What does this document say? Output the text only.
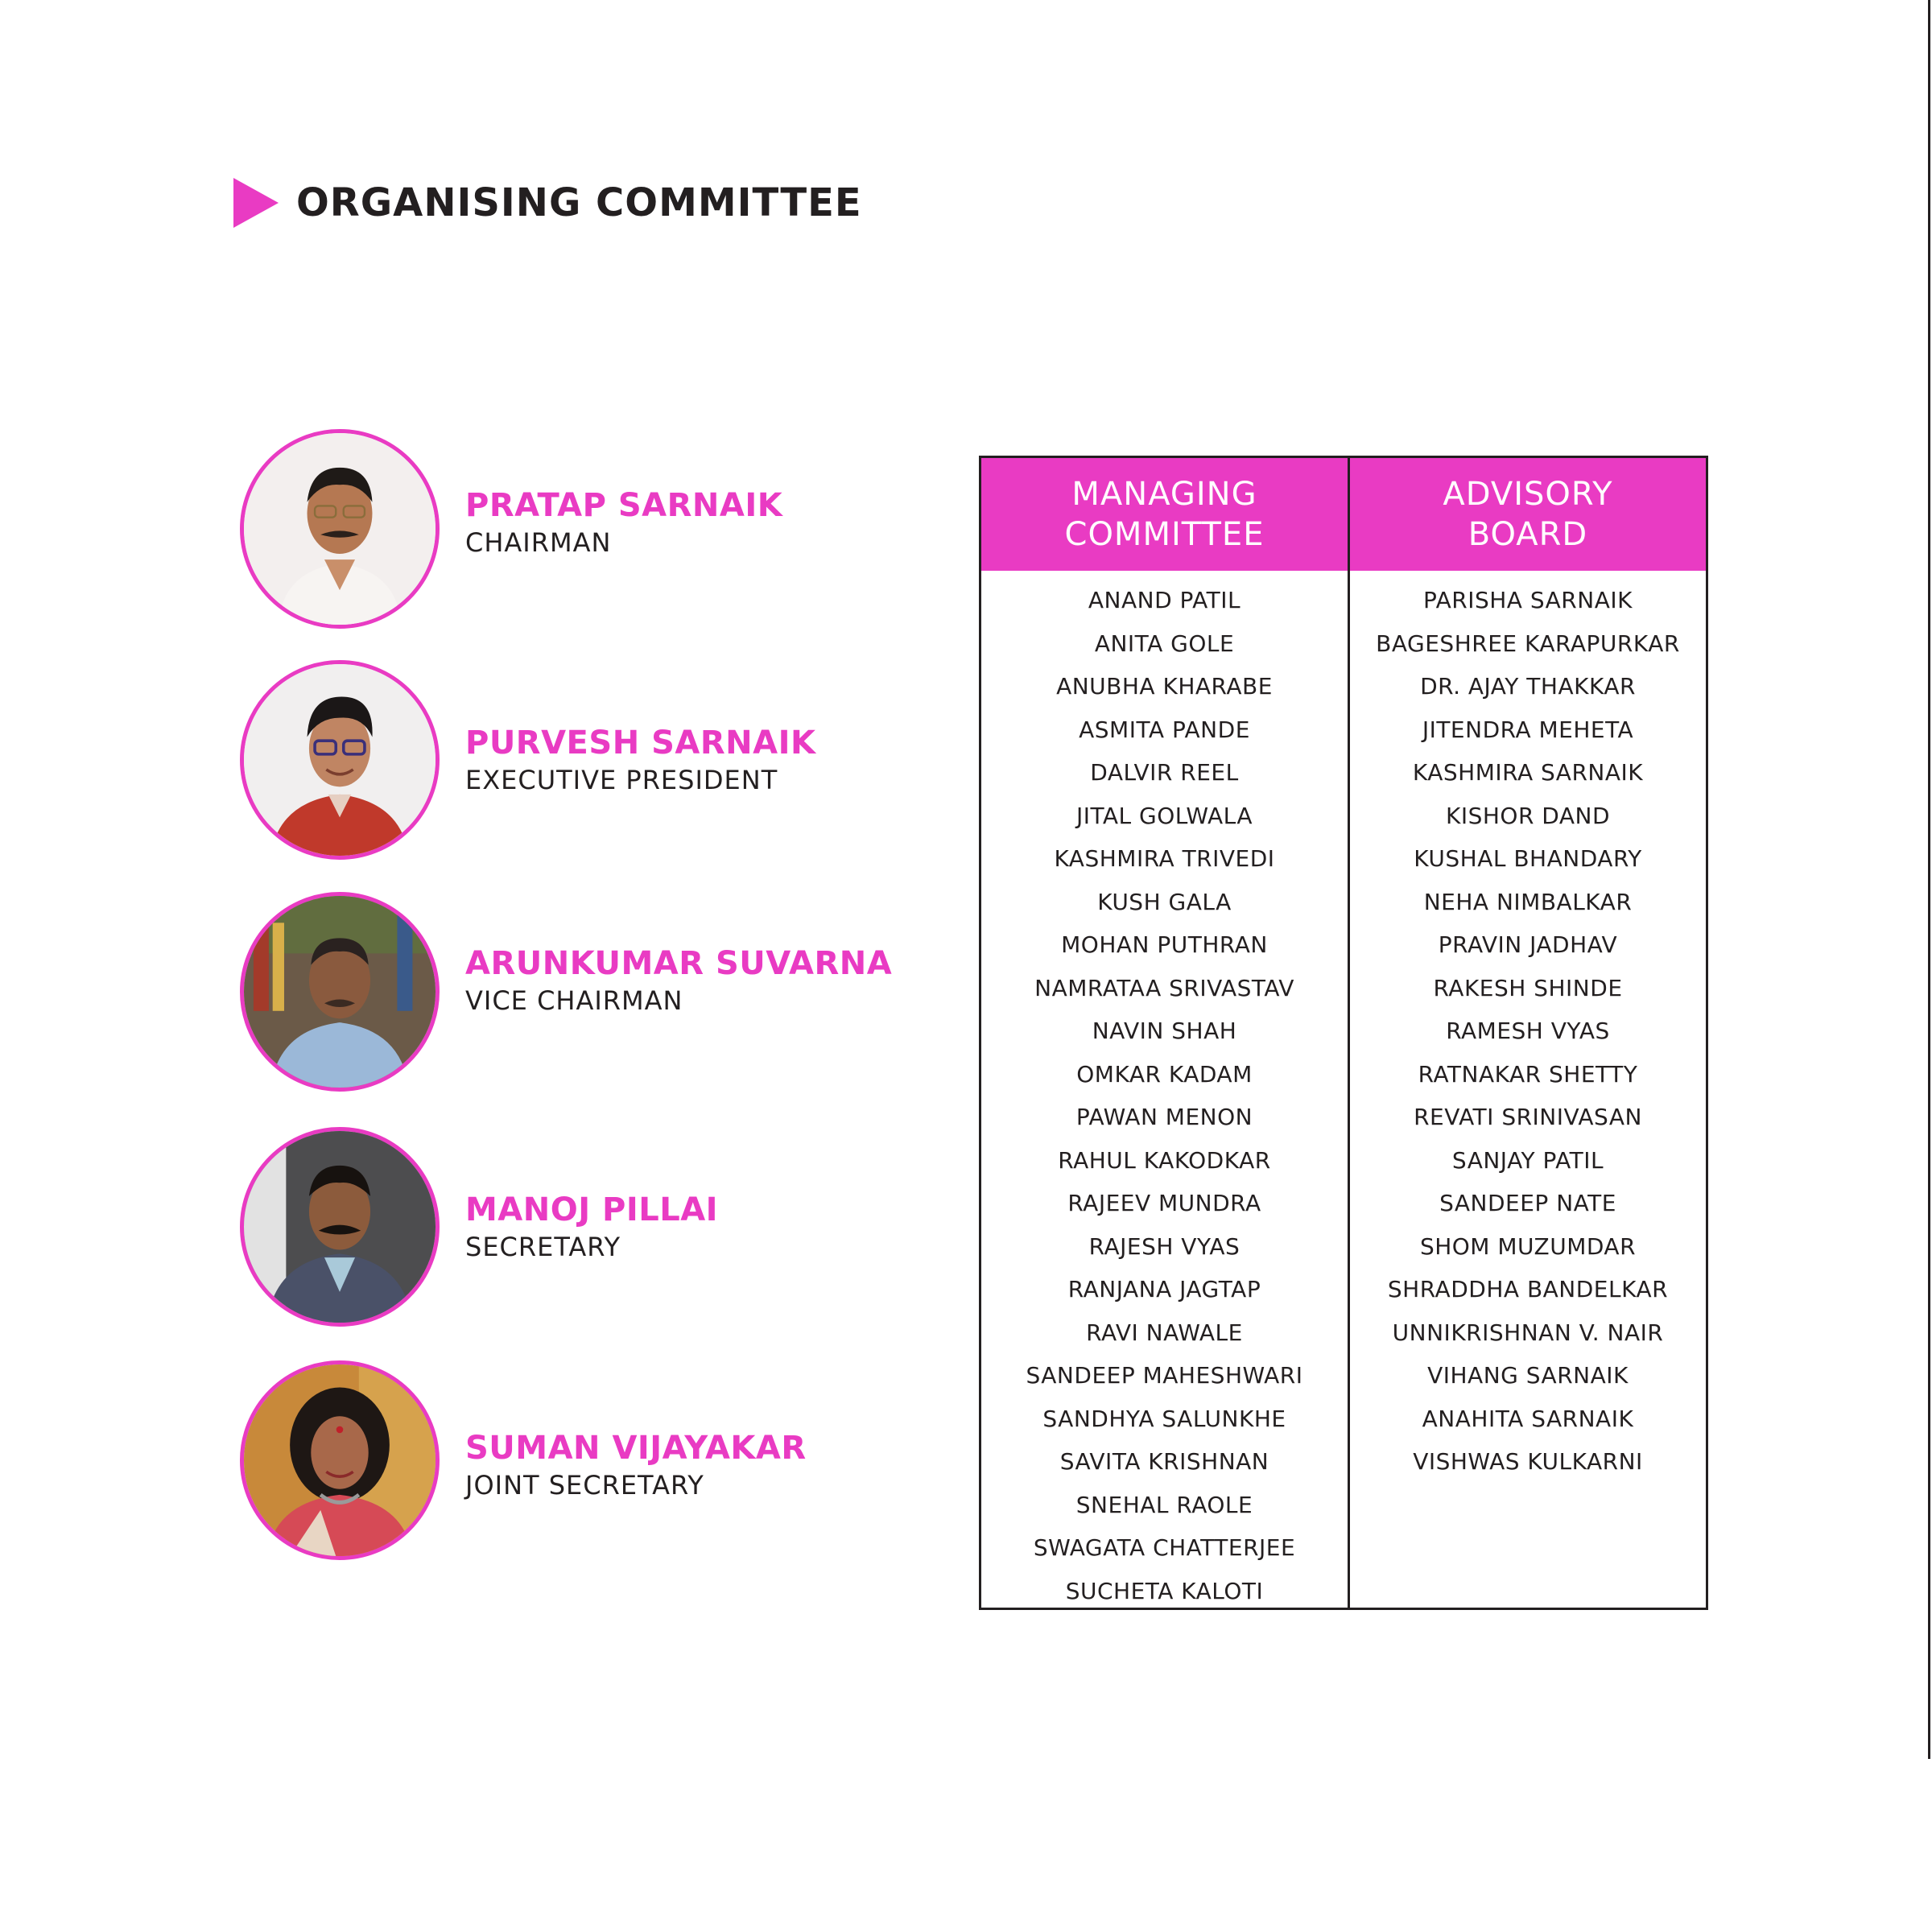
ORGANISING COMMITTEE
PRATAP SARNAIK
CHAIRMAN
PURVESH SARNAIK
EXECUTIVE PRESIDENT
ARUNKUMAR SUVARNA
VICE CHAIRMAN
MANOJ PILLAI
SECRETARY
SUMAN VIJAYAKAR
JOINT SECRETARY
MANAGING
COMMITTEE
ANAND PATIL
ANITA GOLE
ANUBHA KHARABE
ASMITA PANDE
DALVIR REEL
JITAL GOLWALA
KASHMIRA TRIVEDI
KUSH GALA
MOHAN PUTHRAN
NAMRATAA SRIVASTAV
NAVIN SHAH
OMKAR KADAM
PAWAN MENON
RAHUL KAKODKAR
RAJEEV MUNDRA
RAJESH VYAS
RANJANA JAGTAP
RAVI NAWALE
SANDEEP MAHESHWARI
SANDHYA SALUNKHE
SAVITA KRISHNAN
SNEHAL RAOLE
SWAGATA CHATTERJEE
SUCHETA KALOTI
ADVISORY
BOARD
PARISHA SARNAIK
BAGESHREE KARAPURKAR
DR. AJAY THAKKAR
JITENDRA MEHETA
KASHMIRA SARNAIK
KISHOR DAND
KUSHAL BHANDARY
NEHA NIMBALKAR
PRAVIN JADHAV
RAKESH SHINDE
RAMESH VYAS
RATNAKAR SHETTY
REVATI SRINIVASAN
SANJAY PATIL
SANDEEP NATE
SHOM MUZUMDAR
SHRADDHA BANDELKAR
UNNIKRISHNAN V. NAIR
VIHANG SARNAIK
ANAHITA SARNAIK
VISHWAS KULKARNI
